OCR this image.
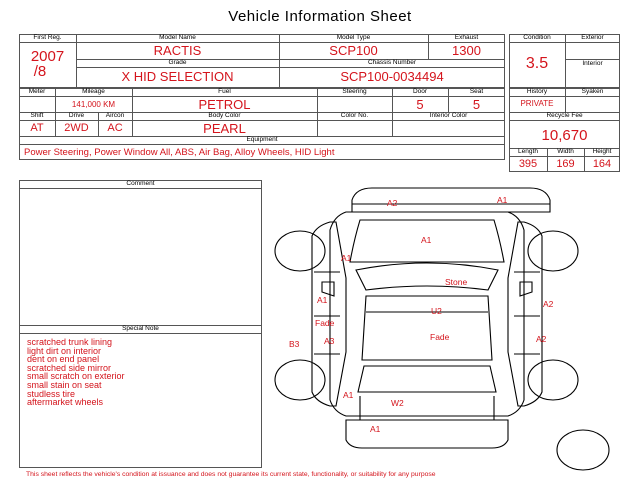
Vehicle Information Sheet
First Reg.
2007
/8
Model Name
RACTIS
Model Type
SCP100
Exhaust
1300
Grade
X HID SELECTION
Chassis Number
SCP100-0034494
Condition
3.5
Exterior
Interior
Meter	Mileage
141,000 KM
Fuel
PETROL
Steering	Door
5
Seat
5
Shift
AT
Drive
2WD
Aircon
AC
Body Color
PEARL
Color No.	Interior Color
Equipment
Power Steering, Power Window All, ABS, Air Bag, Alloy Wheels, HID Light
History
PRIVATE
Syaken
Recycle Fee
10,670
Length	Width	Height
395	169	164
Comment
Special Note
scratched trunk lining
light dirt on interior
dent on end panel
scratched side mirror
small scratch on exterior
small stain on seat
studless tire
aftermarket wheels
A2	A1
A1
A1
Stone
A1
Fade
U2
A2
A3
B3
Fade	A2
A1
W2
A1
This sheet reflects the vehicle's condition at issuance and does not guarantee its current state, functionality, or suitability for any purpose
